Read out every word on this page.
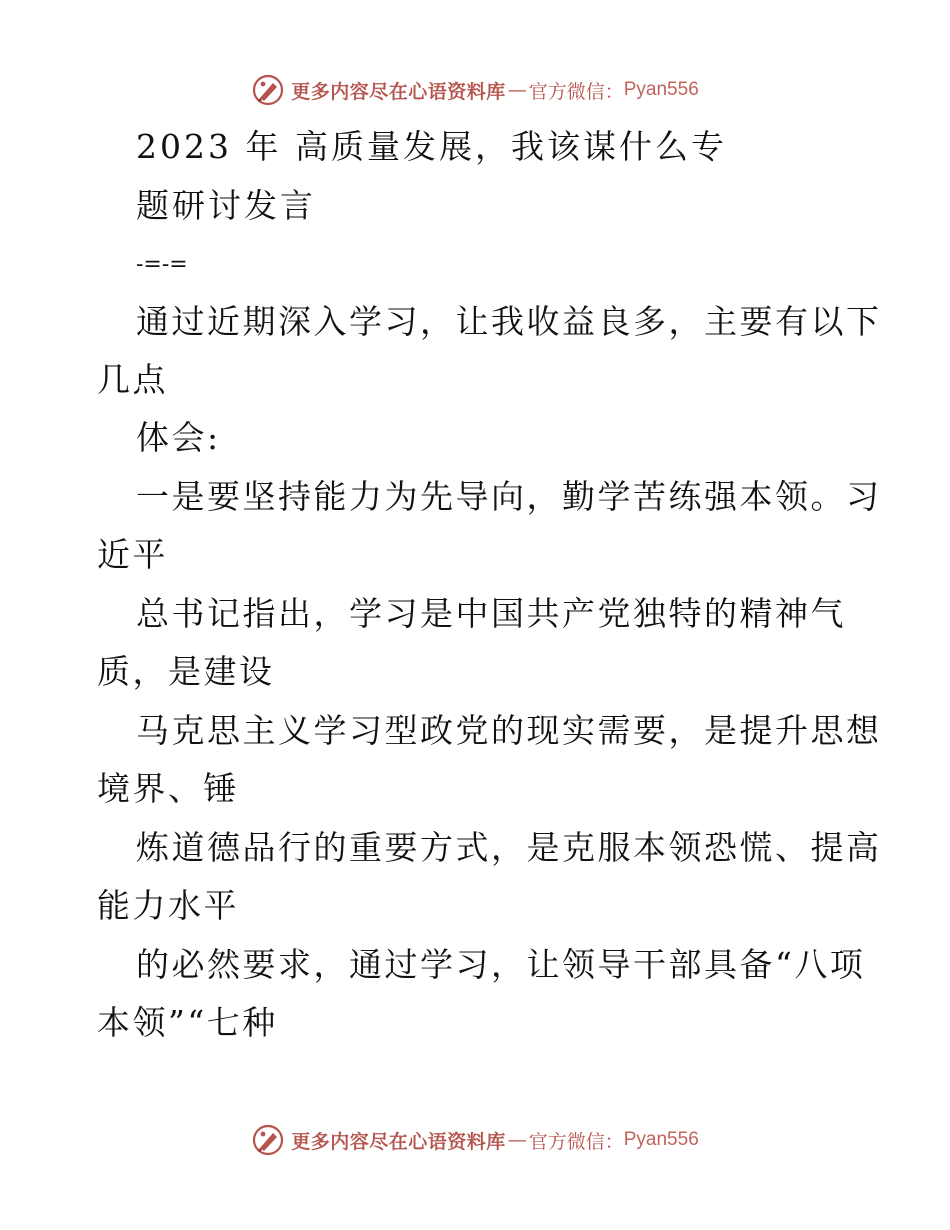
更多内容尽在心语资料库 — 官方微信： Pyan556
2023 年 高质量发展，我该谋什么专
题研讨发言
-=-=
通过近期深入学习，让我收益良多，主要有以下
几点
体会:
一是要坚持能力为先导向，勤学苦练强本领。习
近平
总书记指出，学习是中国共产党独特的精神气
质，是建设
马克思主义学习型政党的现实需要，是提升思想
境界、锤
炼道德品行的重要方式，是克服本领恐慌、提高
能力水平
的必然要求，通过学习，让领导干部具备“八项
本领”“七种
更多内容尽在心语资料库 — 官方微信： Pyan556
